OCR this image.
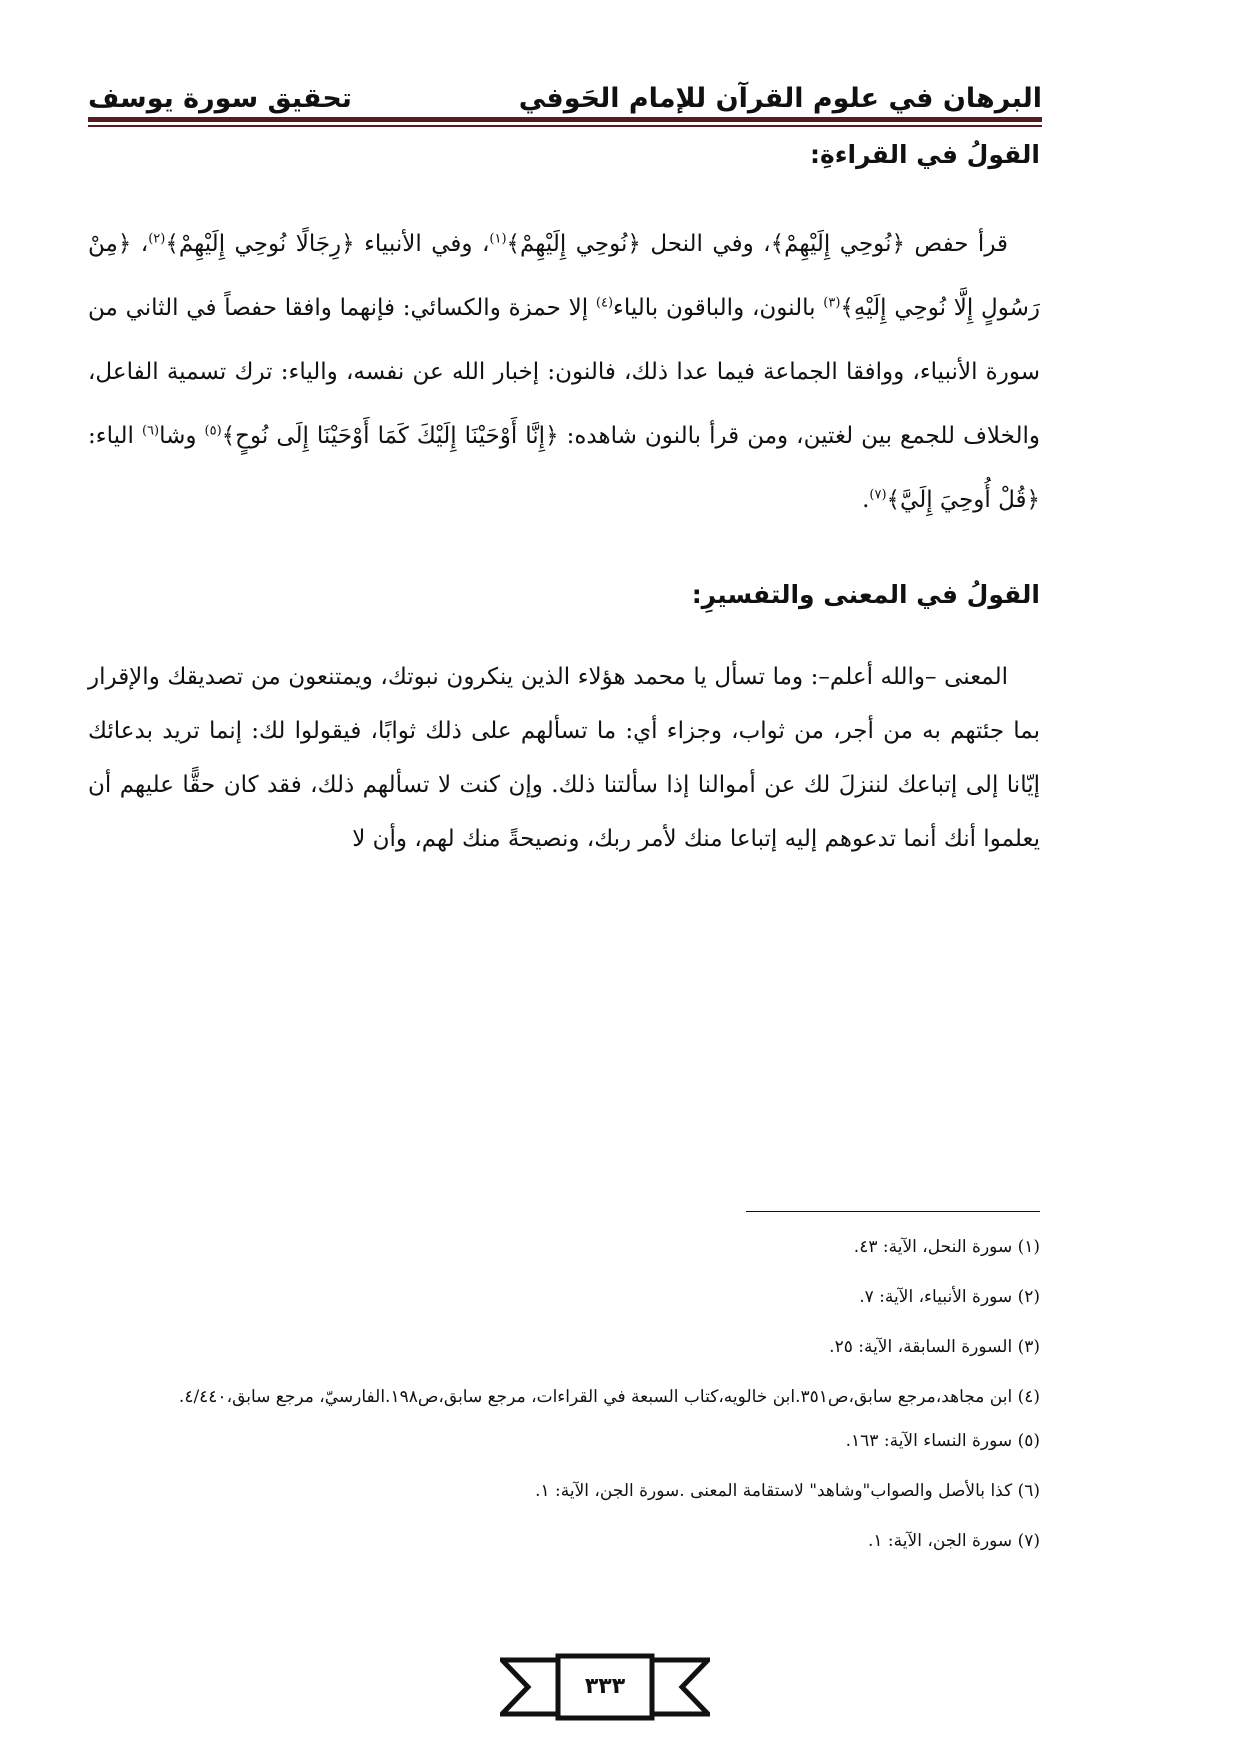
البرهان في علوم القرآن للإمام الحَوفي
تحقيق سورة يوسف
القولُ في القراءةِ:

قرأ حفص ﴿نُوحِي إِلَيْهِمْ﴾، وفي النحل ﴿نُوحِي إِلَيْهِمْ﴾$^{(١)}$، وفي الأنبياء ﴿رِجَالًا نُوحِي إِلَيْهِمْ﴾$^{(٢)}$، ﴿مِنْ رَسُولٍ إِلَّا نُوحِي إِلَيْهِ﴾$^{(٣)}$ بالنون، والباقون بالياء$^{(٤)}$ إلا حمزة والكسائي: فإنهما وافقا حفصاً في الثاني من سورة الأنبياء، ووافقا الجماعة فيما عدا ذلك، فالنون: إخبار الله عن نفسه، والياء: ترك تسمية الفاعل، والخلاف للجمع بين لغتين، ومن قرأ بالنون شاهده: ﴿إِنَّا أَوْحَيْنَا إِلَيْكَ كَمَا أَوْحَيْنَا إِلَى نُوحٍ﴾$^{(٥)}$ وشا$^{(٦)}$ الياء: ﴿قُلْ أُوحِيَ إِلَيَّ﴾$^{(٧)}$.

القولُ في المعنى والتفسيرِ:

المعنى –والله أعلم–: وما تسأل يا محمد هؤلاء الذين ينكرون نبوتك، ويمتنعون من تصديقك والإقرار بما جئتهم به من أجر، من ثواب، وجزاء أي: ما تسألهم على ذلك ثوابًا، فيقولوا لك: إنما تريد بدعائك إيّانا إلى إتباعك لننزلَ لك عن أموالنا إذا سألتنا ذلك. وإن كنت لا تسألهم ذلك، فقد كان حقًّا عليهم أن يعلموا أنك أنما تدعوهم إليه إتباعا منك لأمر ربك، ونصيحةً منك لهم، وأن لا

(١) سورة النحل، الآية: ٤٣.

(٢) سورة الأنبياء، الآية: ٧.

(٣) السورة السابقة، الآية: ٢٥.

(٤) ابن مجاهد،مرجع سابق،ص٣٥١.ابن خالويه،كتاب السبعة في القراءات، مرجع سابق،ص١٩٨.الفارسيّ، مرجع سابق،٤/٤٤٠.

(٥) سورة النساء الآية: ١٦٣.

(٦) كذا بالأصل والصواب"وشاهد" لاستقامة المعنى .سورة الجن، الآية: ١.

(٧) سورة الجن، الآية: ١.

٣٣٣
